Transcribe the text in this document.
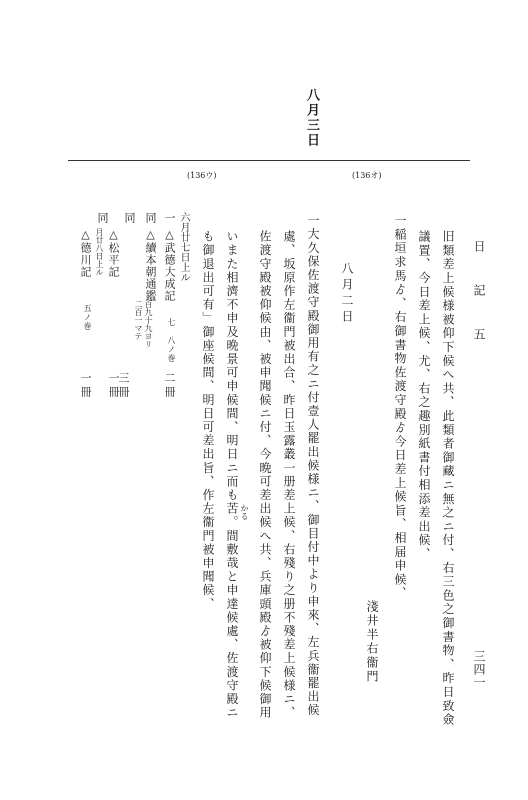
日　記　五
三四一
八月三日
(136ウ)	(136オ)
旧類差上候様被仰下候へ共、此類者御藏ニ無之ニ付、右三色之御書物、昨日致僉
議置、今日差上候、尤、右之趣別紙書付相添差出候、
一稲垣求馬ゟ、右御書物佐渡守殿ゟ今日差上候旨、相届申候、
淺井半右衞門
八月二日
一大久保佐渡守殿御用有之ニ付壹人罷出候様ニ、御目付中より申來、左兵衞罷出候
處、坂原作左衞門被出合、昨日玉露叢一册差上候、右殘り之册不殘差上候様ニ、
佐渡守殿被仰候由、被申聞候ニ付、今晩可差出候へ共、兵庫頭殿ゟ被仰下候御用
かる
いまた相濟不申及晩景可申候間、明日ニ而も苦。間敷哉と申達候處、佐渡守殿ニ
も御退出可有」御座候間、明日可差出旨、作左衞門被申聞候、
六月廿七日上ル
一
△武德大成記
七　八ノ巻
二冊
同
△續本朝通鑑
百九十九ヨリ
二百一マテ
三冊
同
△松平記
一冊
同
月廿八日上ル
△德川記
五ノ巻
一冊
